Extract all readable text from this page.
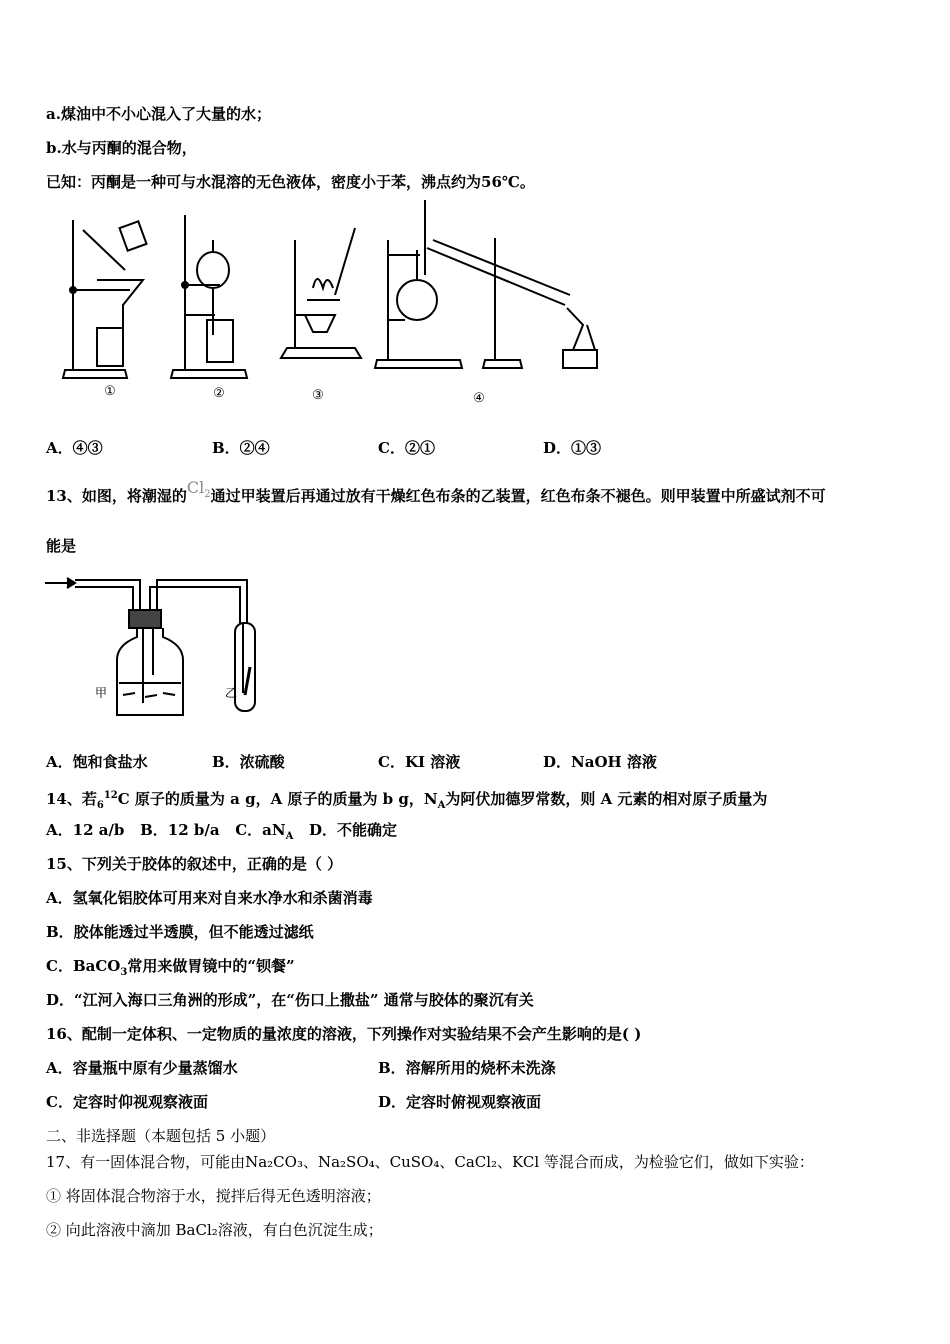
a.煤油中不小心混入了大量的水；
b.水与丙酮的混合物，
已知：丙酮是一种可与水混溶的无色液体，密度小于苯，沸点约为56℃。
①	②	③	④
A．④③	B．②④	C．②①	D．①③
13、如图，将潮湿的$Cl_2$通过甲装置后再通过放有干燥红色布条的乙装置，红色布条不褪色。则甲装置中所盛试剂不可
能是
甲	乙
A．饱和食盐水	B．浓硫酸	C．KI 溶液	D．NaOH 溶液
14、若$_6^{12}$C 原子的质量为 a g，A 原子的质量为 b g，$N_A$为阿伏加德罗常数，则 A 元素的相对原子质量为
A．12 a/b B．12 b/a C．$aN_A$ D．不能确定
15、下列关于胶体的叙述中，正确的是（ ）
A．氢氧化铝胶体可用来对自来水净水和杀菌消毒
B．胶体能透过半透膜，但不能透过滤纸
C．BaCO$_3$常用来做胃镜中的“钡餐”
D．“江河入海口三角洲的形成”，在“伤口上撒盐” 通常与胶体的聚沉有关
16、配制一定体积、一定物质的量浓度的溶液，下列操作对实验结果不会产生影响的是( )
A．容量瓶中原有少量蒸馏水	B．溶解所用的烧杯未洗涤
C．定容时仰视观察液面	D．定容时俯视观察液面
二、非选择题（本题包括 5 小题）
17、有一固体混合物，可能由Na₂CO₃、Na₂SO₄、CuSO₄、CaCl₂、KCl 等混合而成，为检验它们，做如下实验：
① 将固体混合物溶于水，搅拌后得无色透明溶液；
② 向此溶液中滴加 BaCl₂溶液，有白色沉淀生成；
